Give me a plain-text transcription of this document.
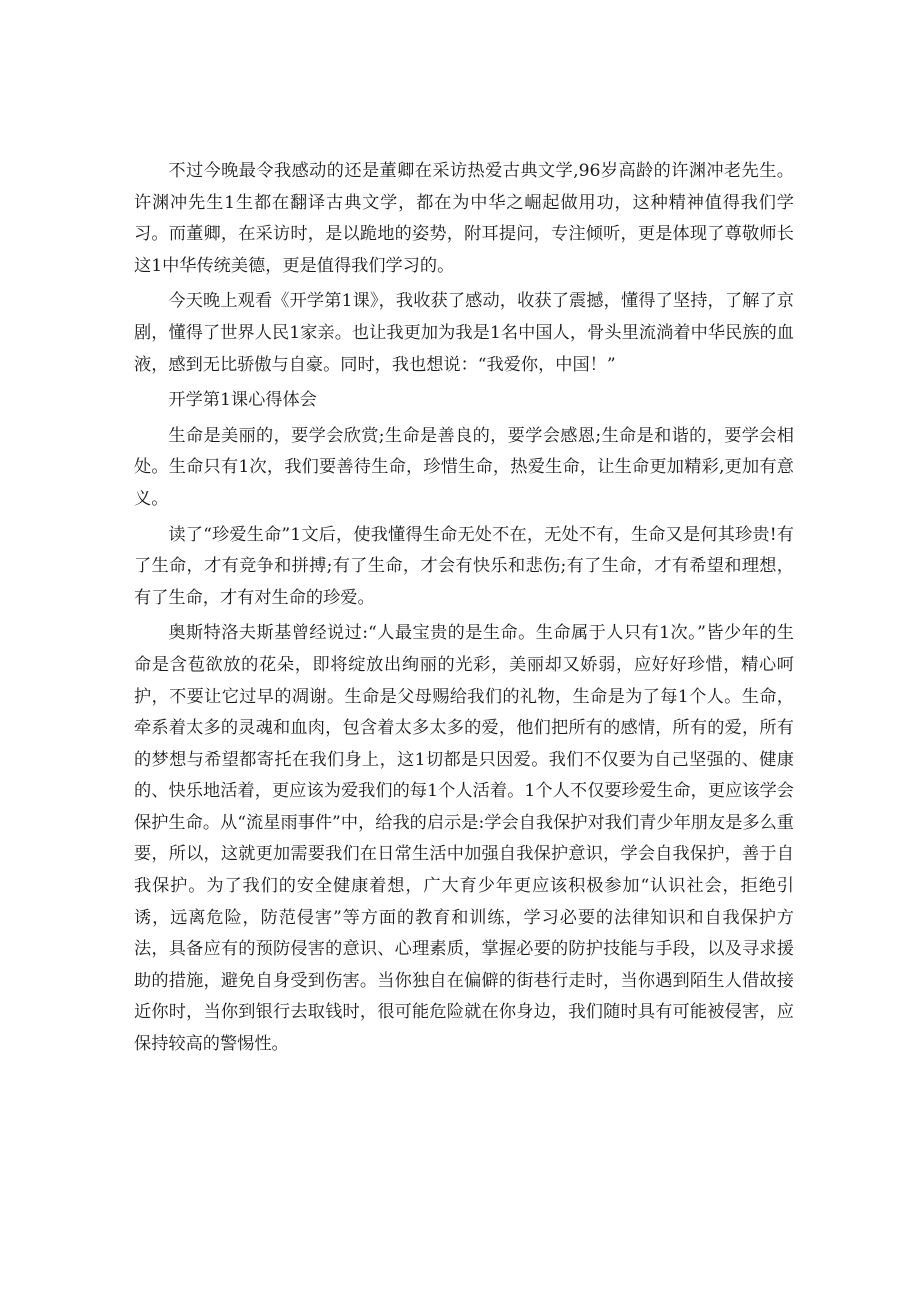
不过今晚最令我感动的还是董卿在采访热爱古典文学,96岁高龄的许渊冲老先生。许渊冲先生1生都在翻译古典文学，都在为中华之崛起做用功，这种精神值得我们学习。而董卿，在采访时，是以跪地的姿势，附耳提问，专注倾听，更是体现了尊敬师长这1中华传统美德，更是值得我们学习的。

今天晚上观看《开学第1课》，我收获了感动，收获了震撼，懂得了坚持，了解了京剧，懂得了世界人民1家亲。也让我更加为我是1名中国人，骨头里流淌着中华民族的血液，感到无比骄傲与自豪。同时，我也想说：“我爱你，中国！”

开学第1课心得体会

生命是美丽的，要学会欣赏;生命是善良的，要学会感恩;生命是和谐的，要学会相处。生命只有1次，我们要善待生命，珍惜生命，热爱生命，让生命更加精彩,更加有意义。

读了“珍爱生命”1文后，使我懂得生命无处不在，无处不有，生命又是何其珍贵!有了生命，才有竞争和拼搏;有了生命，才会有快乐和悲伤;有了生命，才有希望和理想，有了生命，才有对生命的珍爱。

奥斯特洛夫斯基曾经说过:“人最宝贵的是生命。生命属于人只有1次。”皆少年的生命是含苞欲放的花朵，即将绽放出绚丽的光彩，美丽却又娇弱，应好好珍惜，精心呵护，不要让它过早的凋谢。生命是父母赐给我们的礼物，生命是为了每1个人。生命，牵系着太多的灵魂和血肉，包含着太多太多的爱，他们把所有的感情，所有的爱，所有的梦想与希望都寄托在我们身上，这1切都是只因爱。我们不仅要为自己坚强的、健康的、快乐地活着，更应该为爱我们的每1个人活着。1个人不仅要珍爱生命，更应该学会保护生命。从“流星雨事件”中，给我的启示是:学会自我保护对我们青少年朋友是多么重要，所以，这就更加需要我们在日常生活中加强自我保护意识，学会自我保护，善于自我保护。为了我们的安全健康着想，广大育少年更应该积极参加“认识社会，拒绝引诱，远离危险，防范侵害”等方面的教育和训练，学习必要的法律知识和自我保护方法，具备应有的预防侵害的意识、心理素质，掌握必要的防护技能与手段，以及寻求援助的措施，避免自身受到伤害。当你独自在偏僻的街巷行走时，当你遇到陌生人借故接近你时，当你到银行去取钱时，很可能危险就在你身边，我们随时具有可能被侵害，应保持较高的警惕性。
